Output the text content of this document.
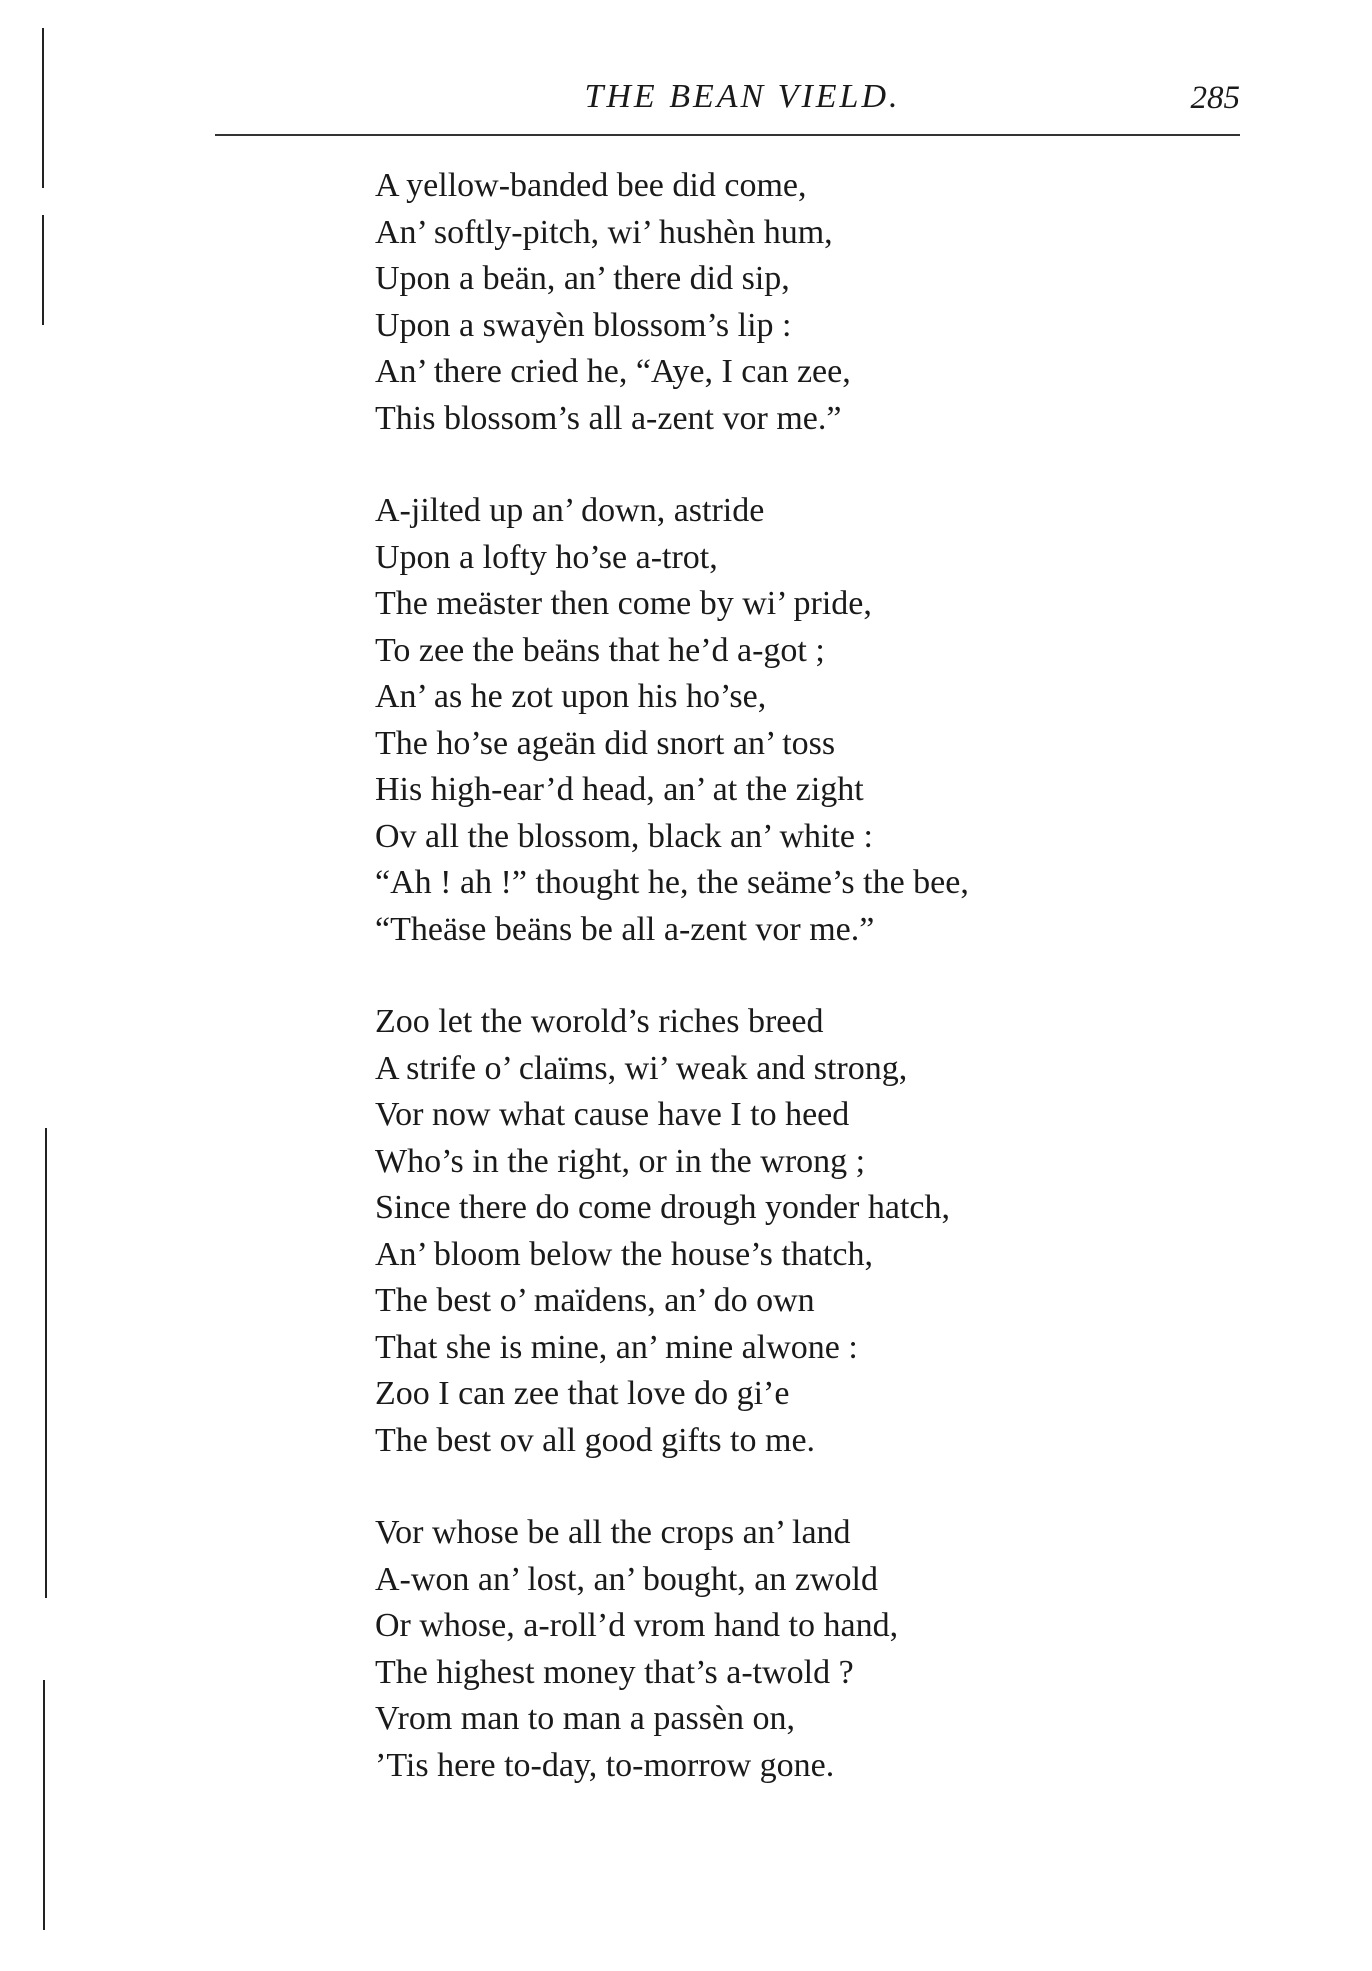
THE BEAN VIELD.	285
A yellow-banded bee did come,
An’ softly-pitch, wi’ hushèn hum,
Upon a beän, an’ there did sip,
Upon a swayèn blossom’s lip :
An’ there cried he, “Aye, I can zee,
This blossom’s all a-zent vor me.”
A-jilted up an’ down, astride
Upon a lofty ho’se a-trot,
The meäster then come by wi’ pride,
To zee the beäns that he’d a-got ;
An’ as he zot upon his ho’se,
The ho’se ageän did snort an’ toss
His high-ear’d head, an’ at the zight
Ov all the blossom, black an’ white :
“Ah ! ah !” thought he, the seäme’s the bee,
“Theäse beäns be all a-zent vor me.”
Zoo let the worold’s riches breed
A strife o’ claïms, wi’ weak and strong,
Vor now what cause have I to heed
Who’s in the right, or in the wrong ;
Since there do come drough yonder hatch,
An’ bloom below the house’s thatch,
The best o’ maïdens, an’ do own
That she is mine, an’ mine alwone :
Zoo I can zee that love do gi’e
The best ov all good gifts to me.
Vor whose be all the crops an’ land
A-won an’ lost, an’ bought, an zwold
Or whose, a-roll’d vrom hand to hand,
The highest money that’s a-twold ?
Vrom man to man a passèn on,
’Tis here to-day, to-morrow gone.
